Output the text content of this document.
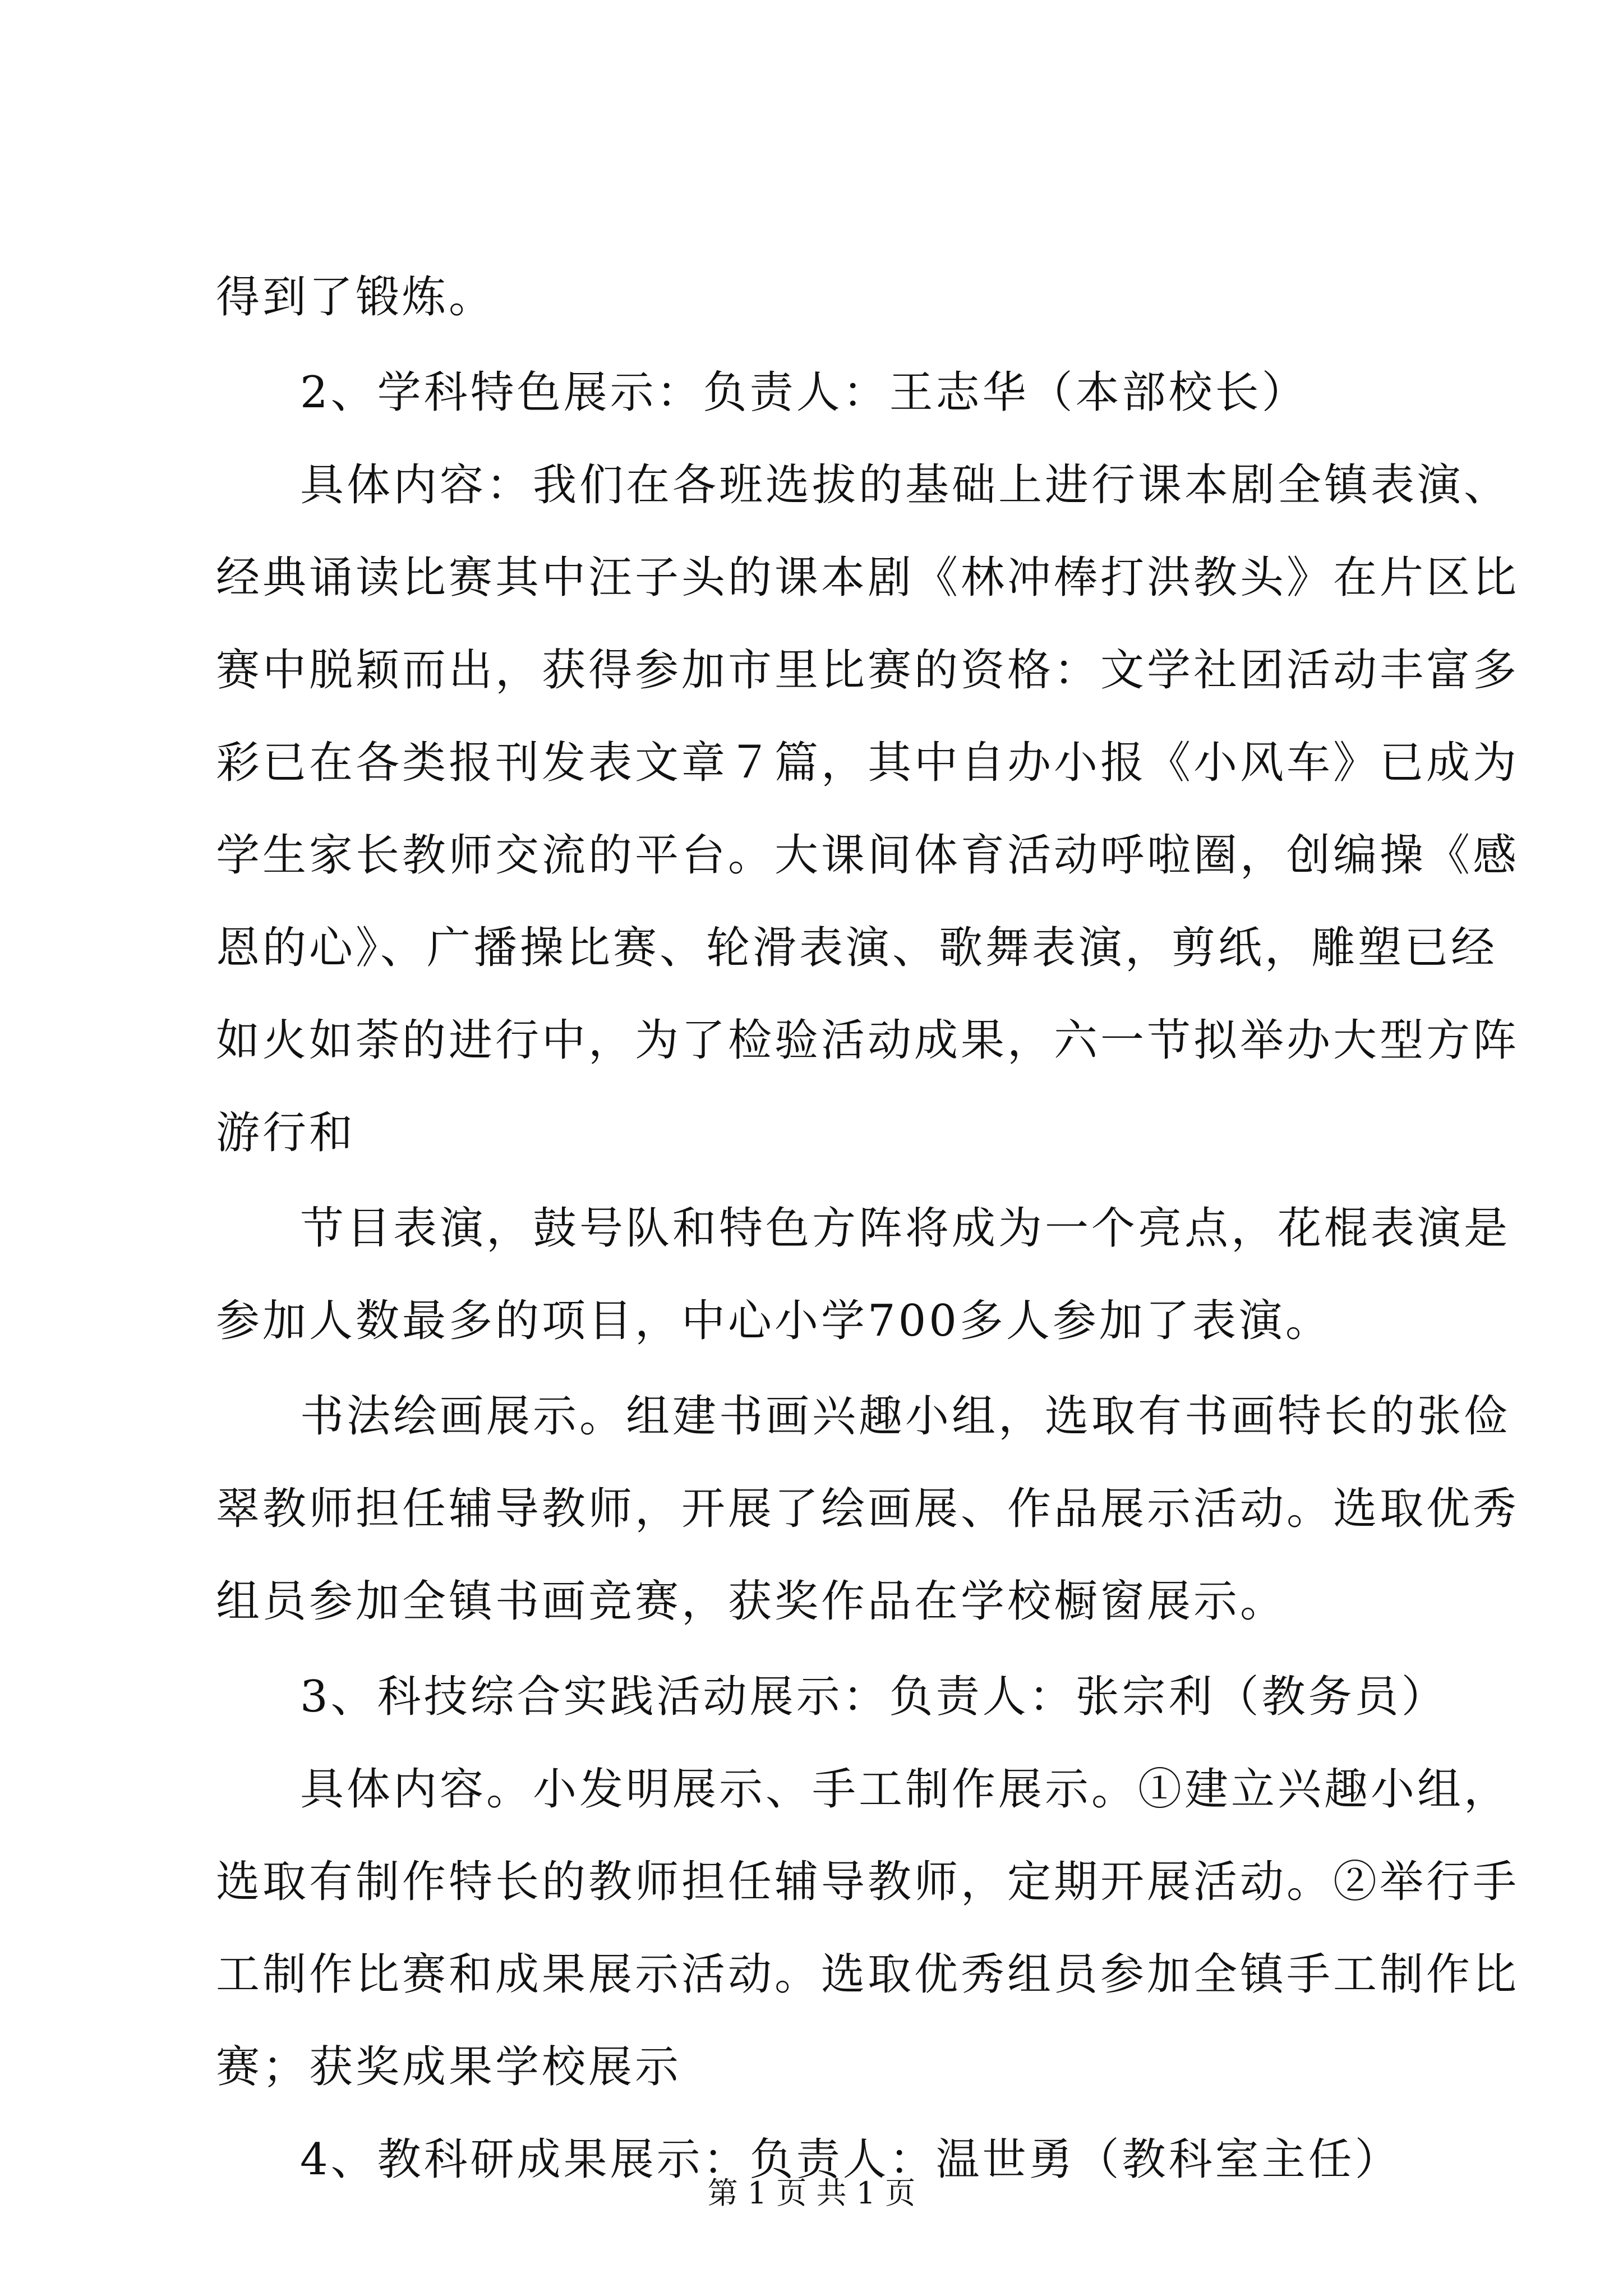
得到了锻炼。
2、学科特色展示：负责人：王志华（本部校长）
具体内容：我们在各班选拔的基础上进行课本剧全镇表演、
经典诵读比赛其中汪子头的课本剧《林冲棒打洪教头》在片区比
赛中脱颖而出，获得参加市里比赛的资格：文学社团活动丰富多
彩已在各类报刊发表文章７篇，其中自办小报《小风车》已成为
学生家长教师交流的平台。大课间体育活动呼啦圈，创编操《感
恩的心》、广播操比赛、轮滑表演、歌舞表演，剪纸，雕塑已经
如火如荼的进行中，为了检验活动成果，六一节拟举办大型方阵
游行和
节目表演，鼓号队和特色方阵将成为一个亮点，花棍表演是
参加人数最多的项目，中心小学700多人参加了表演。
书法绘画展示。组建书画兴趣小组，选取有书画特长的张俭
翠教师担任辅导教师，开展了绘画展、作品展示活动。选取优秀
组员参加全镇书画竞赛，获奖作品在学校橱窗展示。
3、科技综合实践活动展示：负责人：张宗利（教务员）
具体内容。小发明展示、手工制作展示。①建立兴趣小组，
选取有制作特长的教师担任辅导教师，定期开展活动。②举行手
工制作比赛和成果展示活动。选取优秀组员参加全镇手工制作比
赛；获奖成果学校展示
4、教科研成果展示：负责人：温世勇（教科室主任）
第 1 页 共 1 页
